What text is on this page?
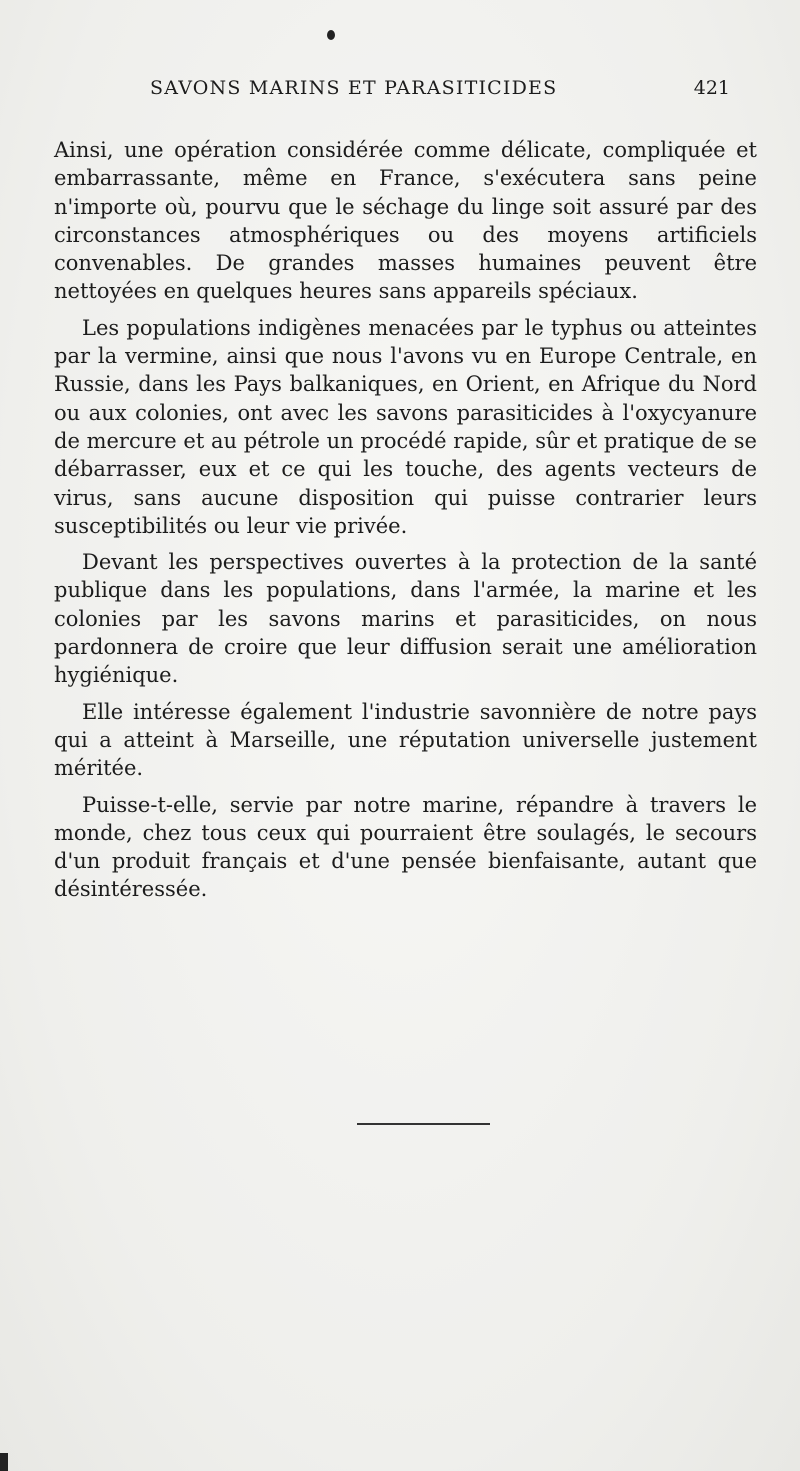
SAVONS MARINS ET PARASITICIDES	421

Ainsi, une opération considérée comme délicate, compliquée et embarrassante, même en France, s'exécutera sans peine n'importe où, pourvu que le séchage du linge soit assuré par des circonstances atmosphériques ou des moyens artificiels convenables. De grandes masses humaines peuvent être nettoyées en quelques heures sans appareils spéciaux.

Les populations indigènes menacées par le typhus ou atteintes par la vermine, ainsi que nous l'avons vu en Europe Centrale, en Russie, dans les Pays balkaniques, en Orient, en Afrique du Nord ou aux colonies, ont avec les savons parasiticides à l'oxycyanure de mercure et au pétrole un procédé rapide, sûr et pratique de se débarrasser, eux et ce qui les touche, des agents vecteurs de virus, sans aucune disposition qui puisse contrarier leurs susceptibilités ou leur vie privée.

Devant les perspectives ouvertes à la protection de la santé publique dans les populations, dans l'armée, la marine et les colonies par les savons marins et parasiticides, on nous pardonnera de croire que leur diffusion serait une amélioration hygiénique.

Elle intéresse également l'industrie savonnière de notre pays qui a atteint à Marseille, une réputation universelle justement méritée.

Puisse-t-elle, servie par notre marine, répandre à travers le monde, chez tous ceux qui pourraient être soulagés, le secours d'un produit français et d'une pensée bienfaisante, autant que désintéressée.
